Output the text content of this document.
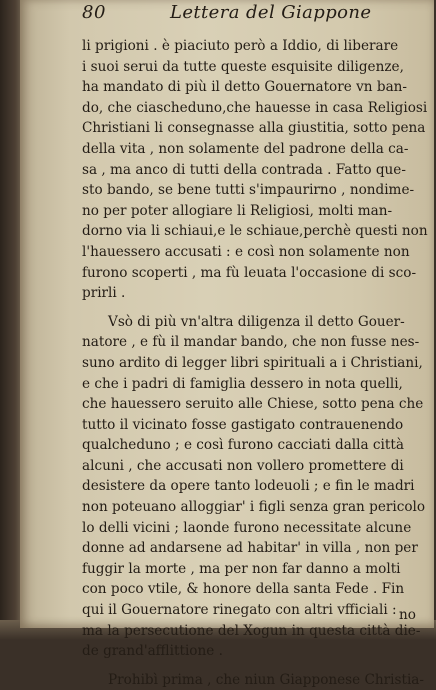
80	Lettera del Giappone
li prigioni . è piaciuto però a Iddio, di liberare
i suoi serui da tutte queste esquisite diligenze,
ha mandato di più il detto Gouernatore vn ban-
do, che ciascheduno,che hauesse in casa Religiosi
Christiani li consegnasse alla giustitia, sotto pena
della vita , non solamente del padrone della ca-
sa , ma anco di tutti della contrada . Fatto que-
sto bando, se bene tutti s'impaurirno , nondime-
no per poter allogiare li Religiosi, molti man-
dorno via li schiaui,e le schiaue,perchè questi non
l'hauessero accusati : e così non solamente non
furono scoperti , ma fù leuata l'occasione di sco-
prirli .
Vsò di più vn'altra diligenza il detto Gouer-
natore , e fù il mandar bando, che non fusse nes-
suno ardito di legger libri spirituali a i Christiani,
e che i padri di famiglia dessero in nota quelli,
che hauessero seruito alle Chiese, sotto pena che
tutto il vicinato fosse gastigato contrauenendo
qualcheduno ; e così furono cacciati dalla città
alcuni , che accusati non vollero promettere di
desistere da opere tanto lodeuoli ; e fin le madri
non poteuano alloggiar' i figli senza gran pericolo
lo delli vicini ; laonde furono necessitate alcune
donne ad andarsene ad habitar' in villa , non per
fuggir la morte , ma per non far danno a molti
con poco vtile, & honore della santa Fede . Fin
qui il Gouernatore rinegato con altri vfficiali :
ma la persecutione del Xogun in questa città die-
de grand'afflittione .
Prohibì prima , che niun Giapponese Christia-
no
